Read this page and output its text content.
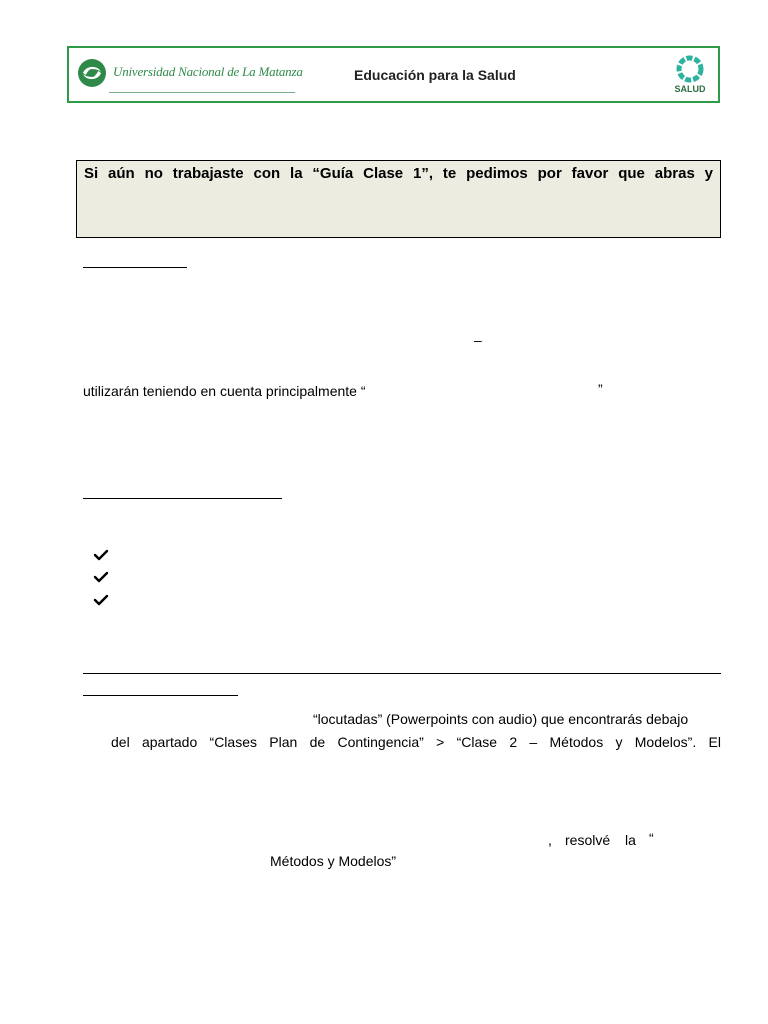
Universidad Nacional de La Matanza	Educación para la Salud
SALUD
Si aún no trabajaste con la “Guía Clase 1”, te pedimos por favor que abras y
–
utilizarán teniendo en cuenta principalmente “	”
“locutadas” (Powerpoints con audio) que encontrarás debajo
del apartado “Clases Plan de Contingencia” > “Clase 2 – Métodos y Modelos”. El
, resolvé la “
Métodos y Modelos”
